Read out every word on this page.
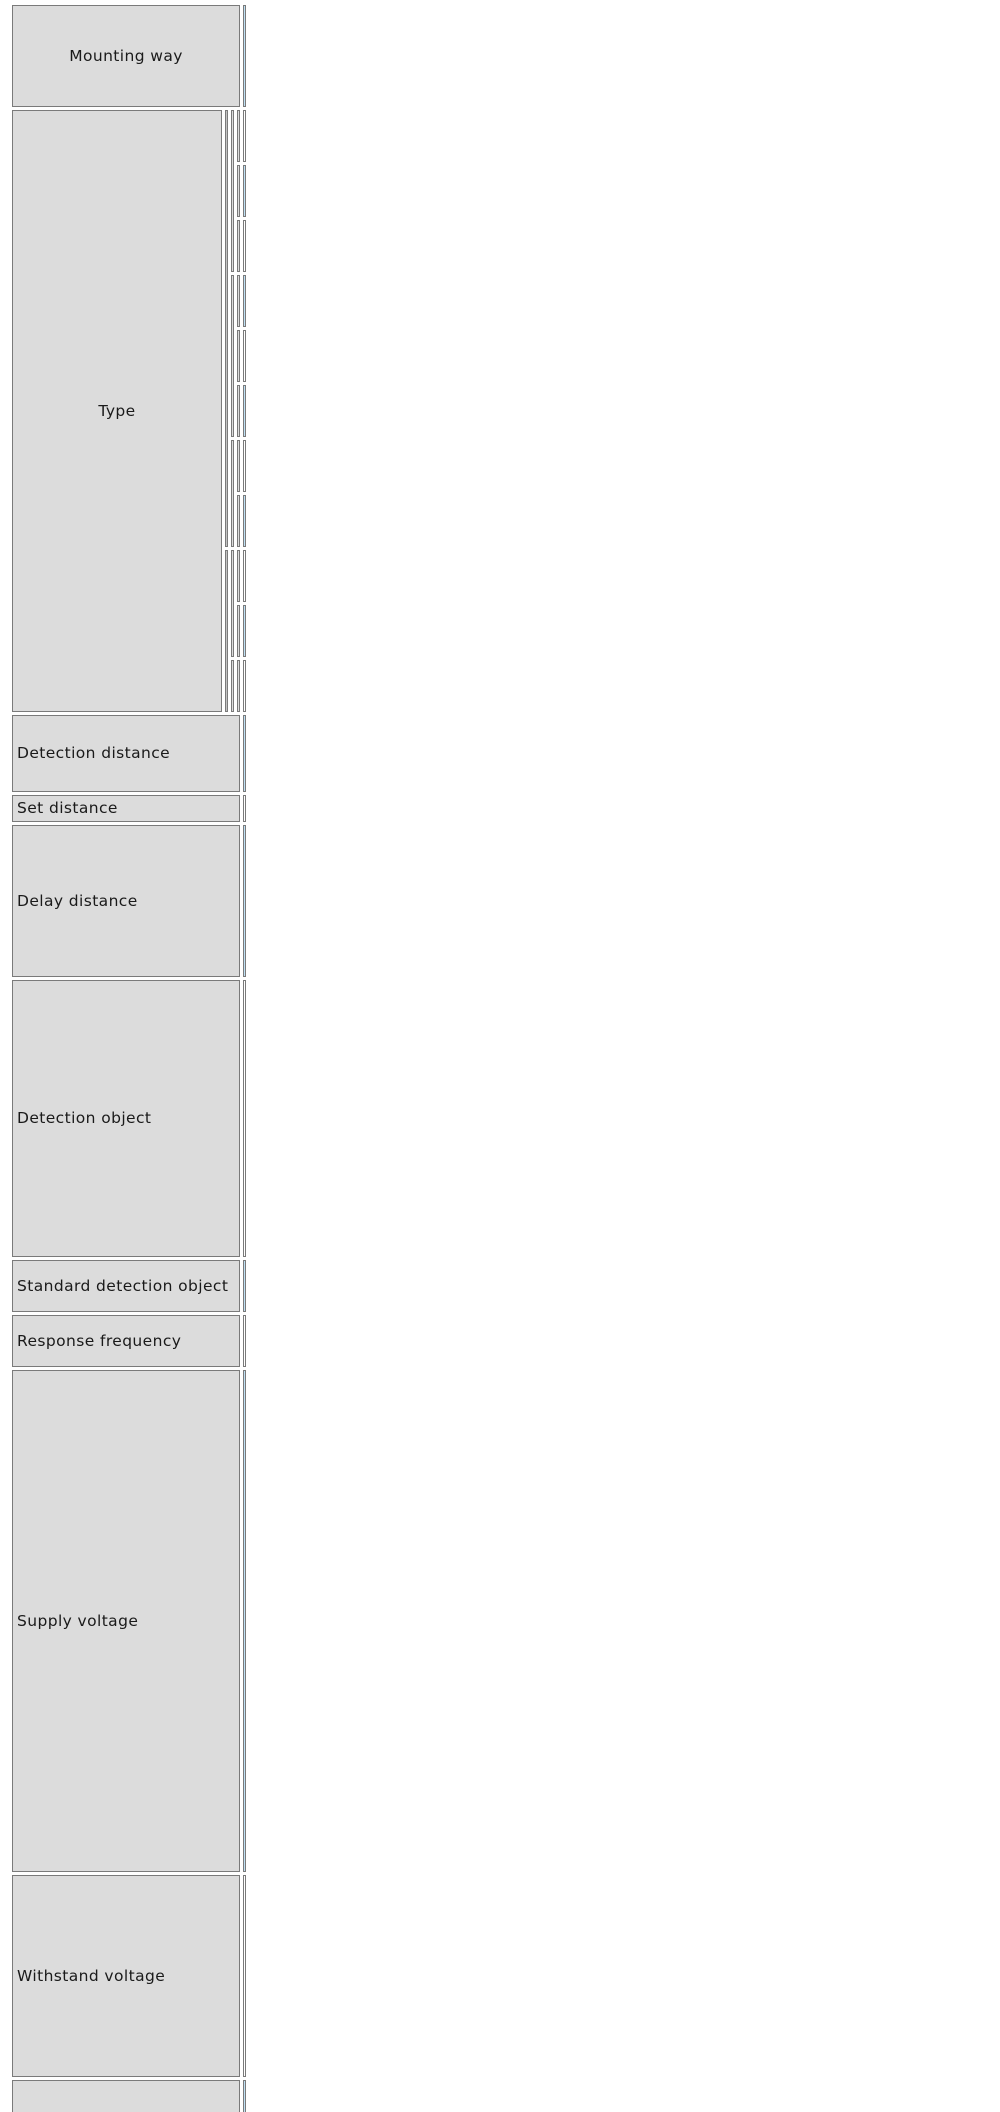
Mounting way	
Type				

Detection distance	
Set distance	
Delay distance	
Detection object	
Standard detection object	
Response frequency	
Supply voltage	

Withstand voltage	
